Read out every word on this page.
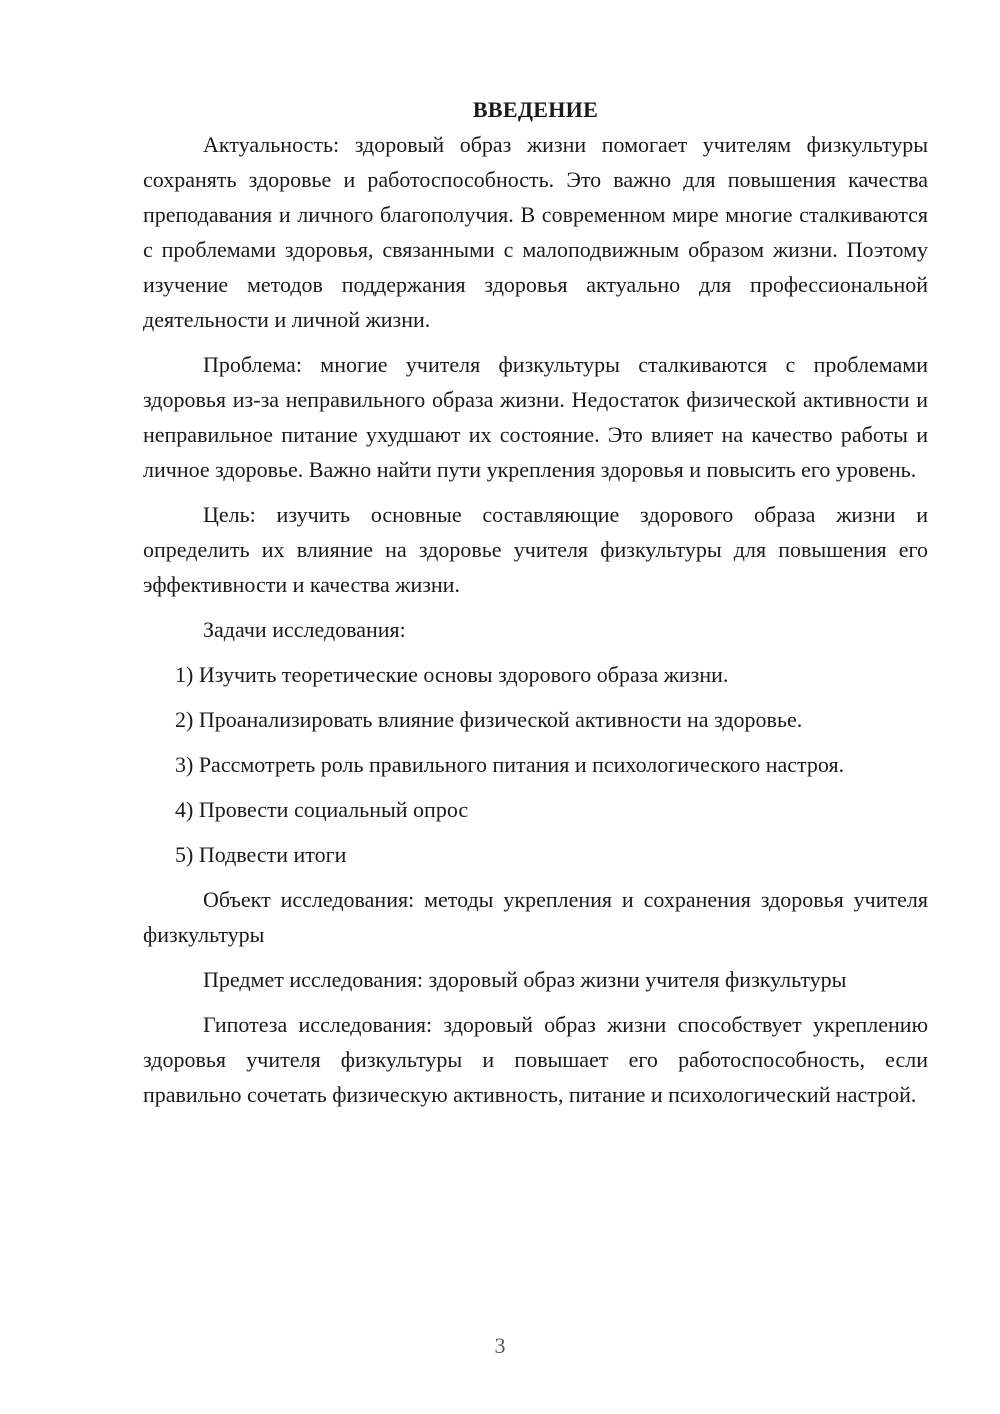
ВВЕДЕНИЕ

Актуальность: здоровый образ жизни помогает учителям физкультуры сохранять здоровье и работоспособность. Это важно для повышения качества преподавания и личного благополучия. В современном мире многие сталкиваются с проблемами здоровья, связанными с малоподвижным образом жизни. Поэтому изучение методов поддержания здоровья актуально для профессиональной деятельности и личной жизни.

Проблема: многие учителя физкультуры сталкиваются с проблемами здоровья из-за неправильного образа жизни. Недостаток физической активности и неправильное питание ухудшают их состояние. Это влияет на качество работы и личное здоровье. Важно найти пути укрепления здоровья и повысить его уровень.

Цель: изучить основные составляющие здорового образа жизни и определить их влияние на здоровье учителя физкультуры для повышения его эффективности и качества жизни.

Задачи исследования:

1) Изучить теоретические основы здорового образа жизни.

2) Проанализировать влияние физической активности на здоровье.

3) Рассмотреть роль правильного питания и психологического настроя.

4) Провести социальный опрос

5) Подвести итоги

Объект исследования: методы укрепления и сохранения здоровья учителя физкультуры

Предмет исследования: здоровый образ жизни учителя физкультуры

Гипотеза исследования: здоровый образ жизни способствует укреплению здоровья учителя физкультуры и повышает его работоспособность, если правильно сочетать физическую активность, питание и психологический настрой.

3
